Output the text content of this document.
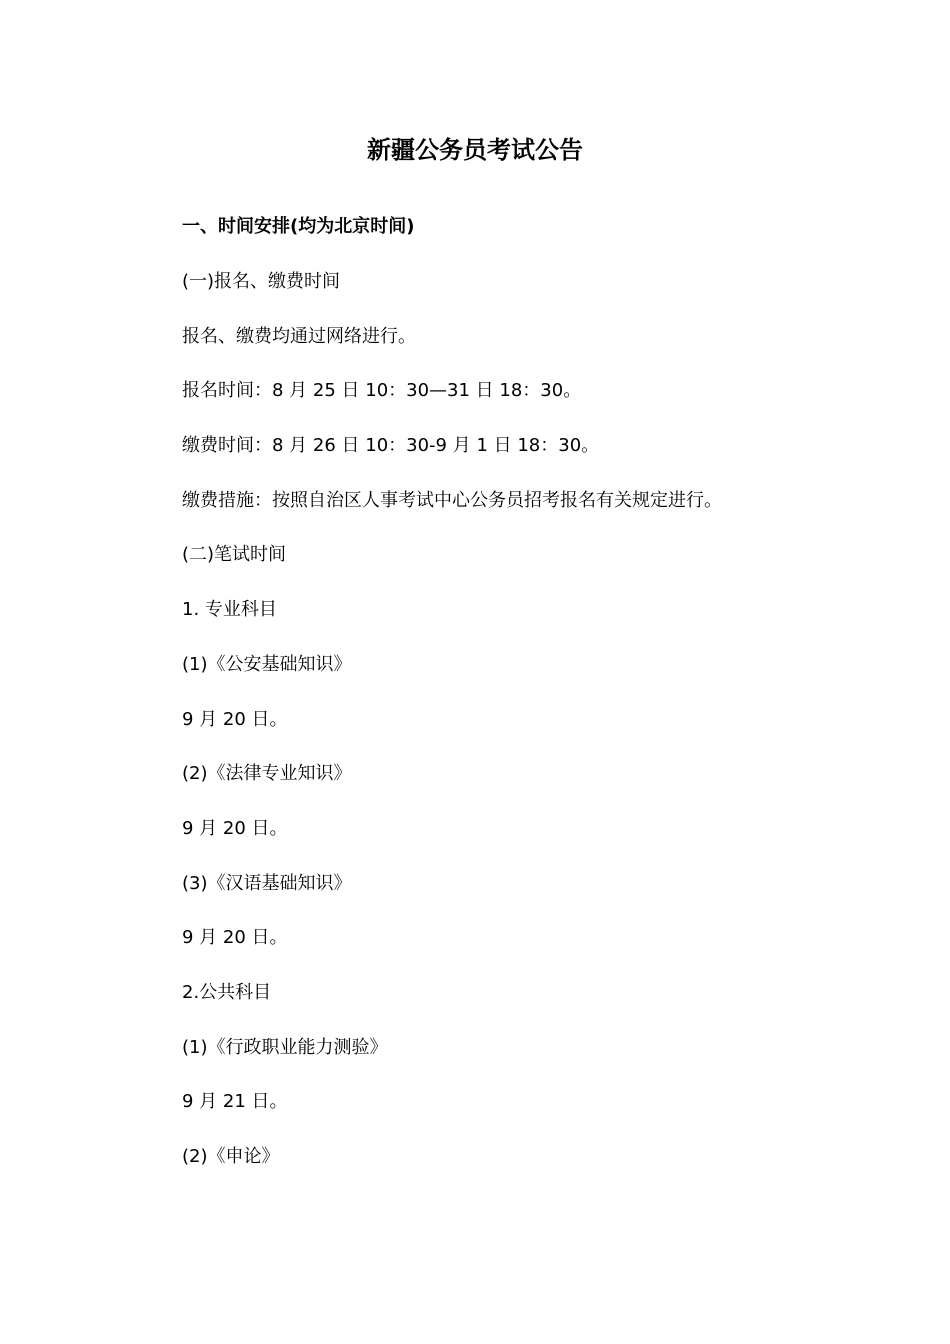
新疆公务员考试公告
一、时间安排(均为北京时间)
(一)报名、缴费时间
报名、缴费均通过网络进行。
报名时间：8 月 25 日 10：30—31 日 18：30。
缴费时间：8 月 26 日 10：30-9 月 1 日 18：30。
缴费措施：按照自治区人事考试中心公务员招考报名有关规定进行。
(二)笔试时间
1. 专业科目
(1)《公安基础知识》
9 月 20 日。
(2)《法律专业知识》
9 月 20 日。
(3)《汉语基础知识》
9 月 20 日。
2.公共科目
(1)《行政职业能力测验》
9 月 21 日。
(2)《申论》
